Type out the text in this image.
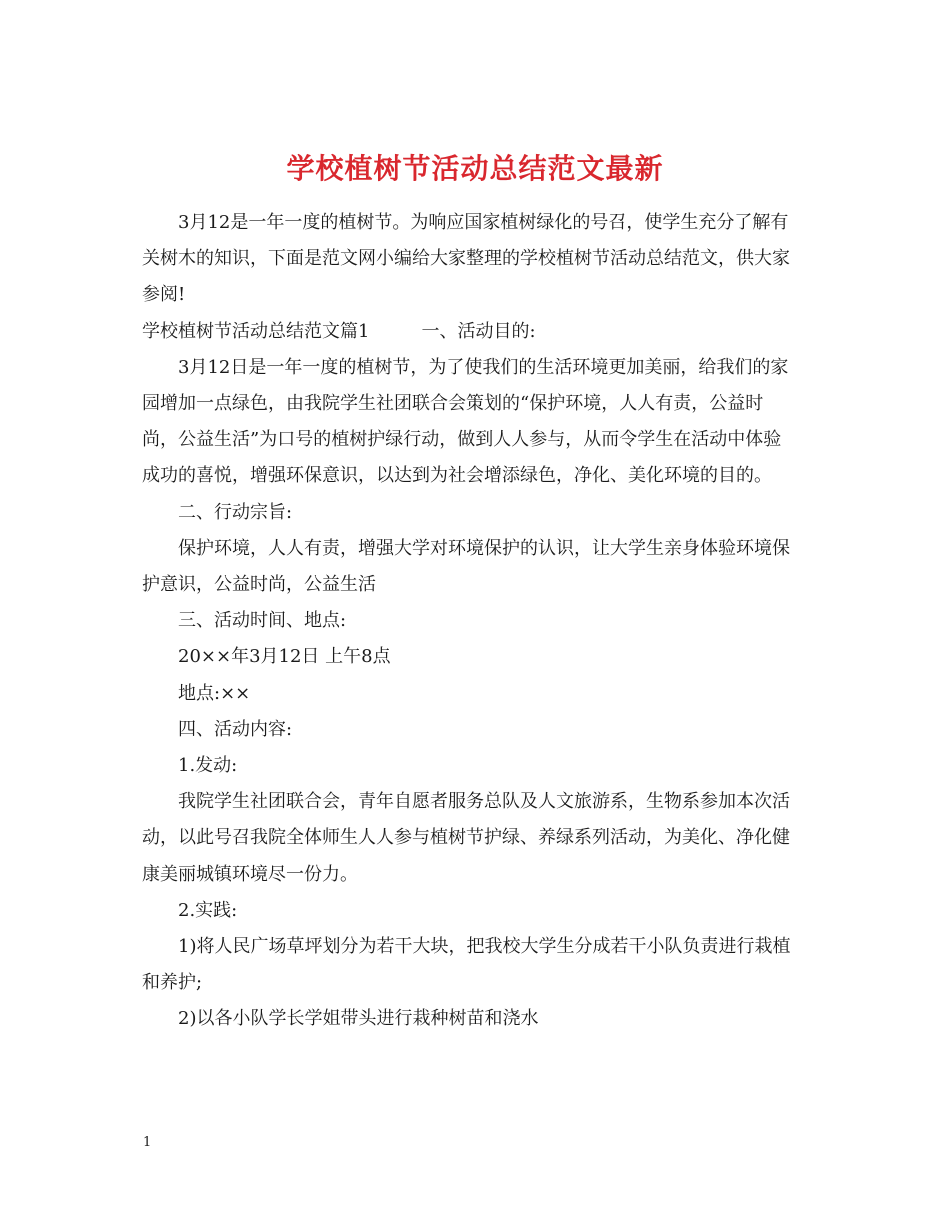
学校植树节活动总结范文最新

3月12是一年一度的植树节。为响应国家植树绿化的号召，使学生充分了解有关树木的知识，下面是范文网小编给大家整理的学校植树节活动总结范文，供大家参阅!

学校植树节活动总结范文篇1	一、活动目的:

3月12日是一年一度的植树节，为了使我们的生活环境更加美丽，给我们的家园增加一点绿色，由我院学生社团联合会策划的“保护环境，人人有责，公益时尚，公益生活”为口号的植树护绿行动，做到人人参与，从而令学生在活动中体验成功的喜悦，增强环保意识，以达到为社会增添绿色，净化、美化环境的目的。

二、行动宗旨:

保护环境，人人有责，增强大学对环境保护的认识，让大学生亲身体验环境保护意识，公益时尚，公益生活

三、活动时间、地点:

20××年3月12日 上午8点

地点:××

四、活动内容:

1.发动:

我院学生社团联合会，青年自愿者服务总队及人文旅游系，生物系参加本次活动，以此号召我院全体师生人人参与植树节护绿、养绿系列活动，为美化、净化健康美丽城镇环境尽一份力。

2.实践:

1)将人民广场草坪划分为若干大块，把我校大学生分成若干小队负责进行栽植和养护;

2)以各小队学长学姐带头进行栽种树苗和浇水

1
